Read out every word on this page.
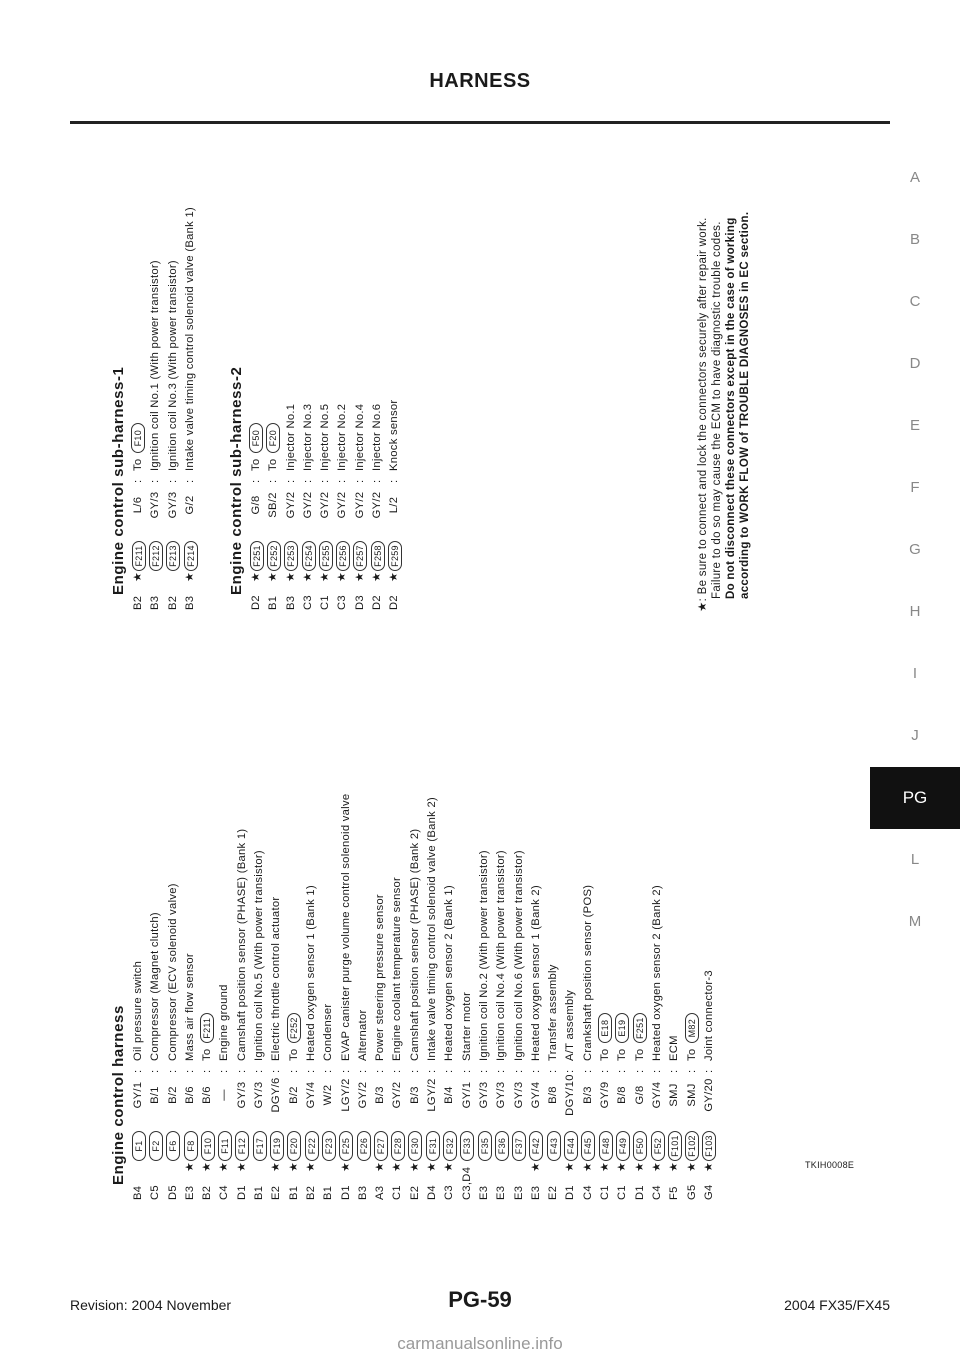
HARNESS
A
B
C
D
E
F
G
H
I
J
PG
L
M
Engine control harness
B4
F1
GY/1
:
Oil pressure switch
C5
F2
B/1
:
Compressor (Magnet clutch)
D5
F6
B/2
:
Compressor (ECV solenoid valve)
E3
★
F8
B/6
:
Mass air flow sensor
B2
★
F10
B/6
:
To F211
C4
★
F11
—
:
Engine ground
D1
★
F12
GY/3
:
Camshaft position sensor (PHASE) (Bank 1)
B1
F17
GY/3
:
Ignition coil No.5 (With power transistor)
E2
★
F19
DGY/6
:
Electric throttle control actuator
B1
★
F20
B/2
:
To F252
B2
★
F22
GY/4
:
Heated oxygen sensor 1 (Bank 1)
B1
F23
W/2
:
Condenser
D1
★
F25
LGY/2
:
EVAP canister purge volume control solenoid valve
B3
F26
GY/2
:
Alternator
A3
★
F27
B/3
:
Power steering pressure sensor
C1
★
F28
GY/2
:
Engine coolant temperature sensor
E2
★
F30
B/3
:
Camshaft position sensor (PHASE) (Bank 2)
D4
★
F31
LGY/2
:
Intake valve timing control solenoid valve (Bank 2)
C3
★
F32
B/4
:
Heated oxygen sensor 2 (Bank 1)
C3,D4
F33
GY/1
:
Starter motor
E3
F35
GY/3
:
Ignition coil No.2 (With power transistor)
E3
F36
GY/3
:
Ignition coil No.4 (With power transistor)
E3
F37
GY/3
:
Ignition coil No.6 (With power transistor)
E3
★
F42
GY/4
:
Heated oxygen sensor 1 (Bank 2)
E2
F43
B/8
:
Transfer assembly
D1
★
F44
DGY/10
:
A/T assembly
C4
★
F45
B/3
:
Crankshaft position sensor (POS)
C1
★
F48
GY/9
:
To E18
C1
★
F49
B/8
:
To E19
D1
★
F50
G/8
:
To F251
C4
★
F52
GY/4
:
Heated oxygen sensor 2 (Bank 2)
F5
★
F101
SMJ
:
ECM
G5
★
F102
SMJ
:
To M82
G4
★
F103
GY/20
:
Joint connector-3
Engine control sub-harness-1
B2
★
F211
L/6
:
To F10
B3
F212
GY/3
:
Ignition coil No.1 (With power transistor)
B2
F213
GY/3
:
Ignition coil No.3 (With power transistor)
B3
★
F214
G/2
:
Intake valve timing control solenoid valve (Bank 1)
Engine control sub-harness-2
D2
★
F251
G/8
:
To F50
B1
★
F252
SB/2
:
To F20
B3
★
F253
GY/2
:
Injector No.1
C3
★
F254
GY/2
:
Injector No.3
C1
★
F255
GY/2
:
Injector No.5
C3
★
F256
GY/2
:
Injector No.2
D3
★
F257
GY/2
:
Injector No.4
D2
★
F258
GY/2
:
Injector No.6
D2
★
F259
L/2
:
Knock sensor
★: Be sure to connect and lock the connectors securely after repair work. Failure to do so may cause the ECM to have diagnostic trouble codes. Do not disconnect these connectors except in the case of working according to WORK FLOW of TROUBLE DIAGNOSES in EC section.
TKIH0008E
Revision: 2004 November	PG-59	2004 FX35/FX45
carmanualsonline.info
